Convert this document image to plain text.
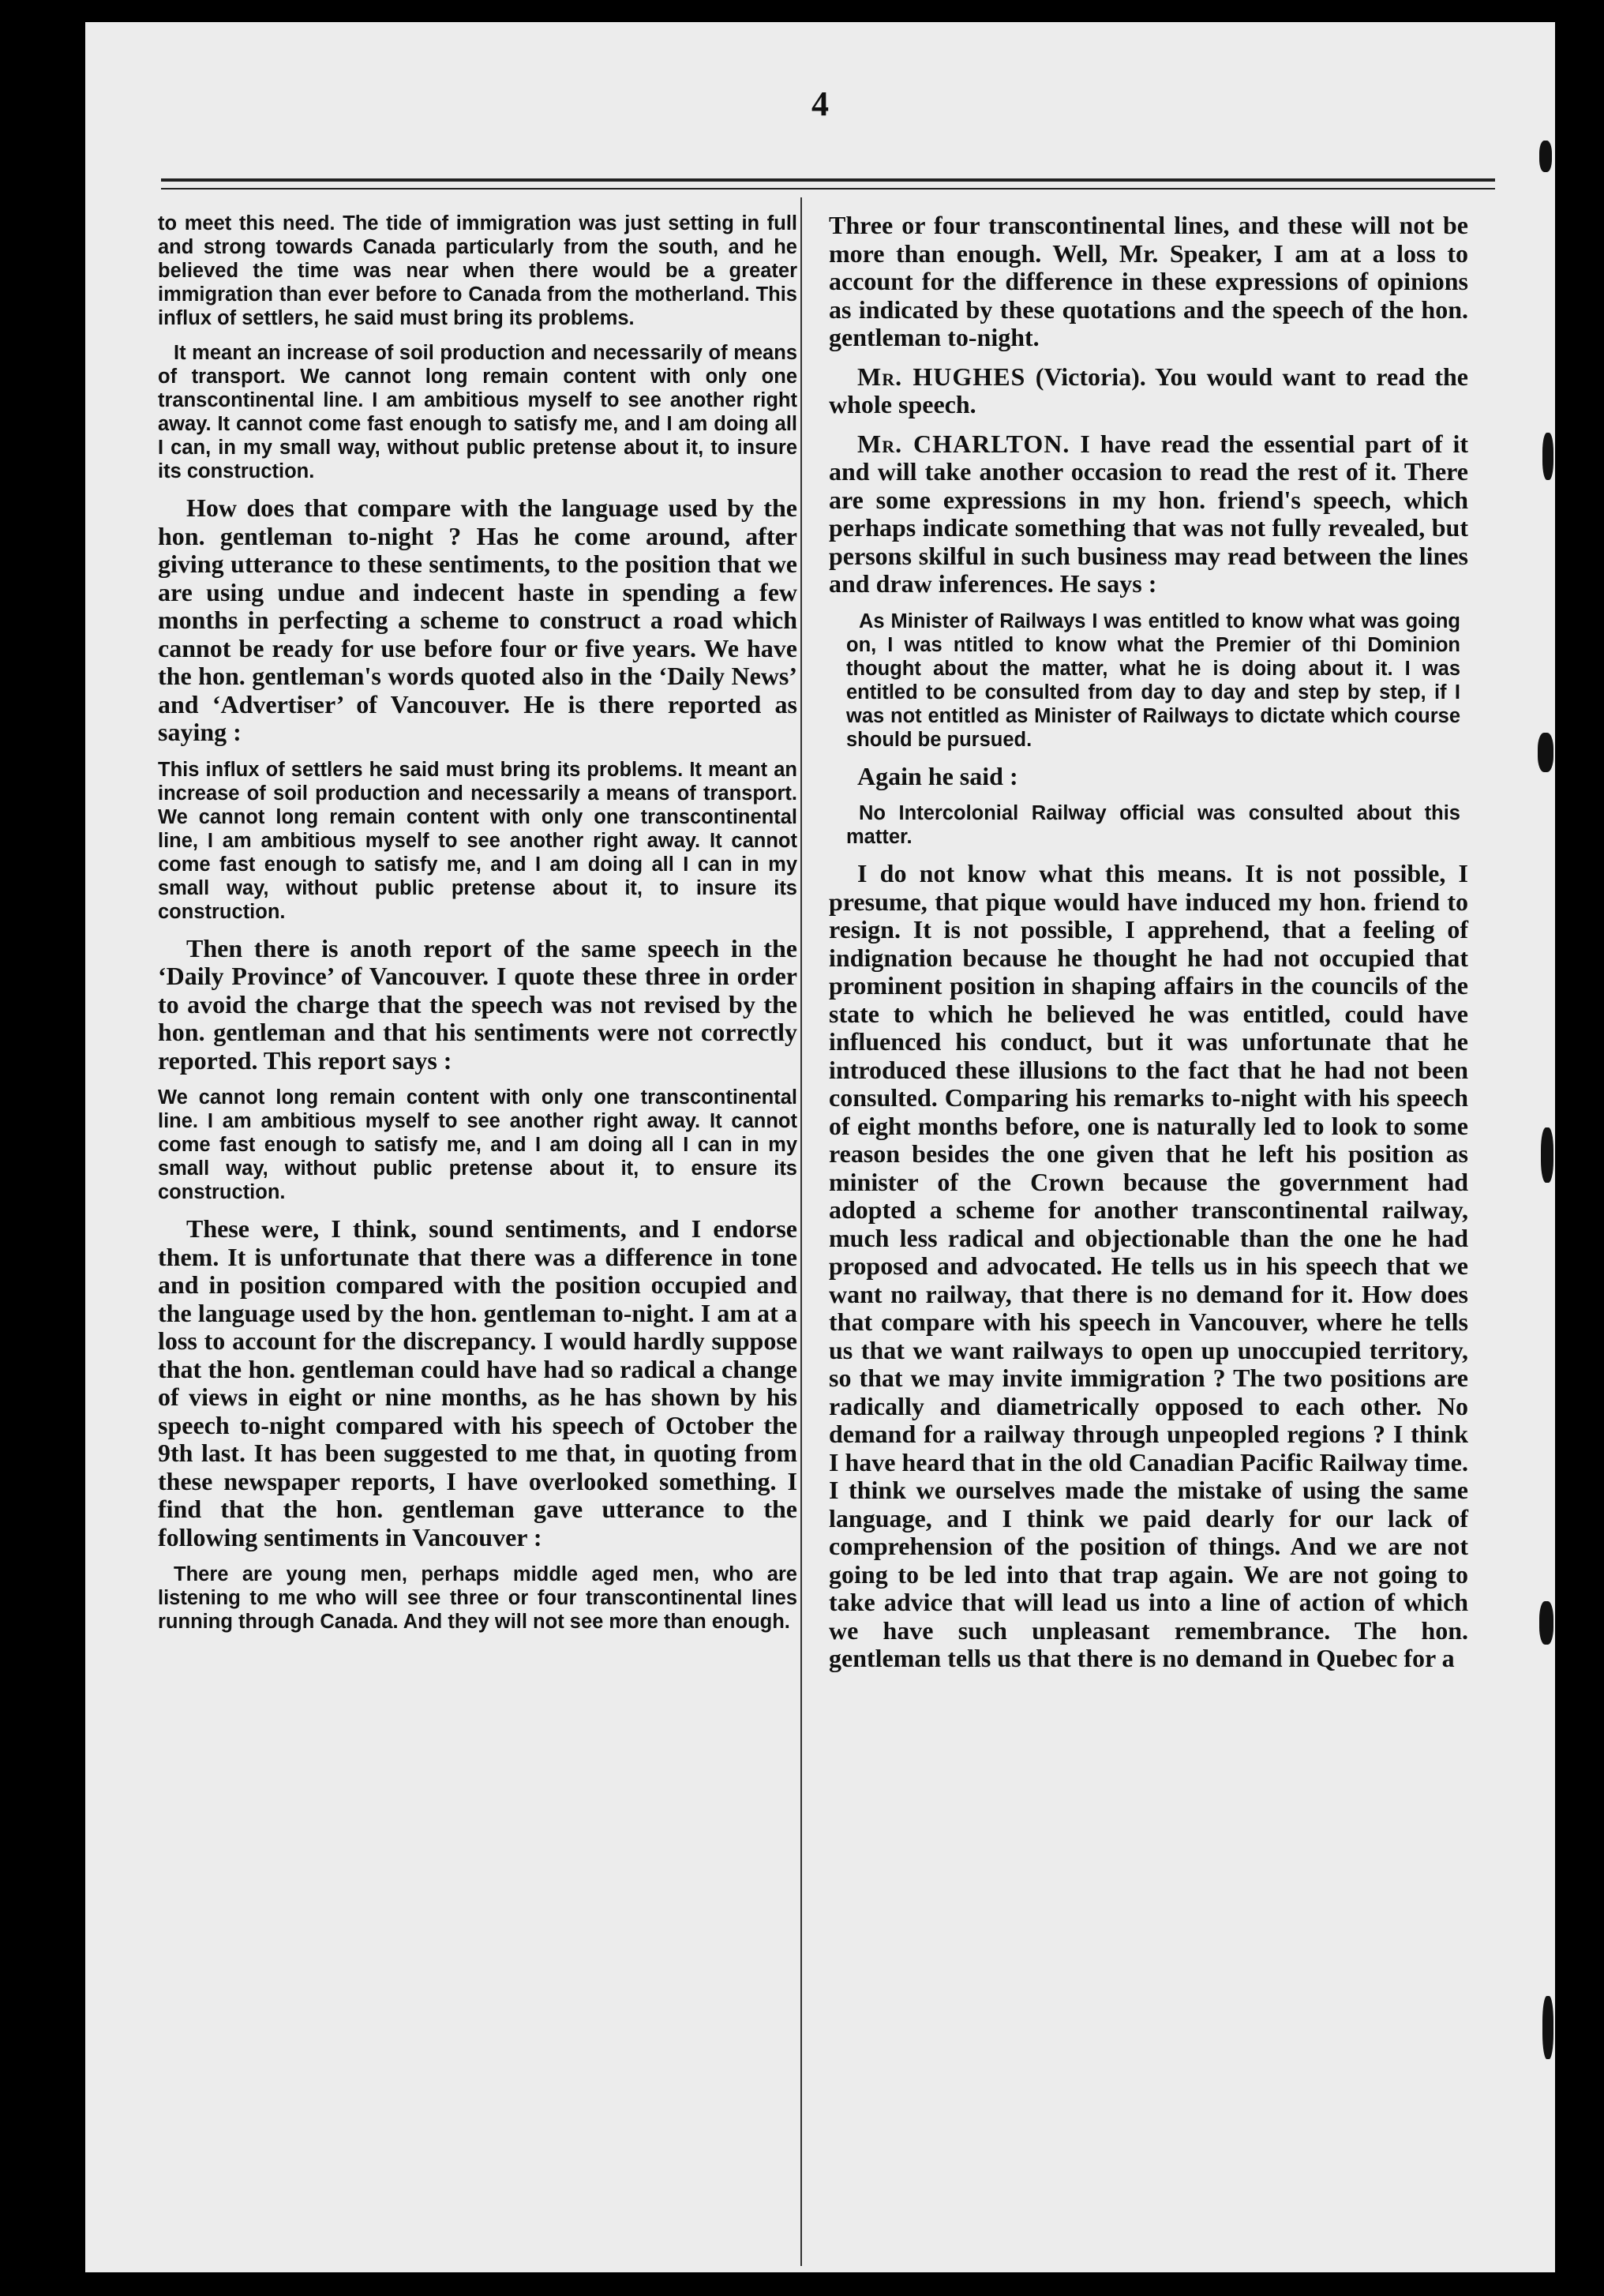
4

to meet this need. The tide of immigration was just setting in full and strong towards Canada particularly from the south, and he believed the time was near when there would be a greater immigration than ever before to Canada from the motherland. This influx of settlers, he said must bring its problems.

It meant an increase of soil production and necessarily of means of transport. We cannot long remain content with only one transcontinental line. I am ambitious myself to see another right away. It cannot come fast enough to satisfy me, and I am doing all I can, in my small way, without public pretense about it, to insure its construction.

How does that compare with the language used by the hon. gentleman to-night ? Has he come around, after giving utterance to these sentiments, to the position that we are using undue and indecent haste in spending a few months in perfecting a scheme to construct a road which cannot be ready for use before four or five years. We have the hon. gentleman's words quoted also in the ‘Daily News’ and ‘Advertiser’ of Vancouver. He is there reported as saying :

This influx of settlers he said must bring its problems. It meant an increase of soil production and necessarily a means of transport. We cannot long remain content with only one transcontinental line, I am ambitious myself to see another right away. It cannot come fast enough to satisfy me, and I am doing all I can in my small way, without public pretense about it, to insure its construction.

Then there is anoth report of the same speech in the ‘Daily Province’ of Vancouver. I quote these three in order to avoid the charge that the speech was not revised by the hon. gentleman and that his sentiments were not correctly reported. This report says :

We cannot long remain content with only one transcontinental line. I am ambitious myself to see another right away. It cannot come fast enough to satisfy me, and I am doing all I can in my small way, without public pretense about it, to ensure its construction.

These were, I think, sound sentiments, and I endorse them. It is unfortunate that there was a difference in tone and in position compared with the position occupied and the language used by the hon. gentleman to-night. I am at a loss to account for the discrepancy. I would hardly suppose that the hon. gentleman could have had so radical a change of views in eight or nine months, as he has shown by his speech to-night compared with his speech of October the 9th last. It has been suggested to me that, in quoting from these newspaper reports, I have overlooked something. I find that the hon. gentleman gave utterance to the following sentiments in Vancouver :

There are young men, perhaps middle aged men, who are listening to me who will see three or four transcontinental lines running through Canada. And they will not see more than enough.

Three or four transcontinental lines, and these will not be more than enough. Well, Mr. Speaker, I am at a loss to account for the difference in these expressions of opinions as indicated by these quotations and the speech of the hon. gentleman to-night.

Mr. HUGHES (Victoria). You would want to read the whole speech.

Mr. CHARLTON. I have read the essential part of it and will take another occasion to read the rest of it. There are some expressions in my hon. friend's speech, which perhaps indicate something that was not fully revealed, but persons skilful in such business may read between the lines and draw inferences. He says :

As Minister of Railways I was entitled to know what was going on, I was ntitled to know what the Premier of thi Dominion thought about the matter, what he is doing about it. I was entitled to be consulted from day to day and step by step, if I was not entitled as Minister of Railways to dictate which course should be pursued.

Again he said :

No Intercolonial Railway official was consulted about this matter.

I do not know what this means. It is not possible, I presume, that pique would have induced my hon. friend to resign. It is not possible, I apprehend, that a feeling of indignation because he thought he had not occupied that prominent position in shaping affairs in the councils of the state to which he believed he was entitled, could have influenced his conduct, but it was unfortunate that he introduced these illusions to the fact that he had not been consulted. Comparing his remarks to-night with his speech of eight months before, one is naturally led to look to some reason besides the one given that he left his position as minister of the Crown because the government had adopted a scheme for another transcontinental railway, much less radical and objectionable than the one he had proposed and advocated. He tells us in his speech that we want no railway, that there is no demand for it. How does that compare with his speech in Vancouver, where he tells us that we want railways to open up unoccupied territory, so that we may invite immigration ? The two positions are radically and diametrically opposed to each other. No demand for a railway through unpeopled regions ? I think I have heard that in the old Canadian Pacific Railway time. I think we ourselves made the mistake of using the same language, and I think we paid dearly for our lack of comprehension of the position of things. And we are not going to be led into that trap again. We are not going to take advice that will lead us into a line of action of which we have such unpleasant remembrance. The hon. gentleman tells us that there is no demand in Quebec for a
